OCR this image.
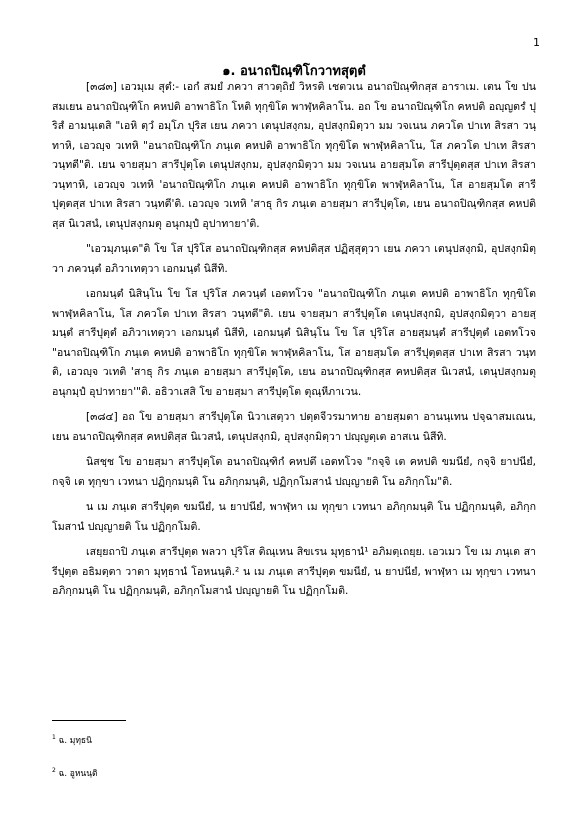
1
๑. อนาถปิณฺฑิโกวาทสุตฺตํ

[๓๘๓] เอวมฺเม สุตํ:- เอกํ สมยํ ภควา สาวตฺถิยํ วิหรติ เชตวเน อนาถปิณฺฑิกสฺส อาราเม. เตน โข ปน สมเยน อนาถปิณฺฑิโก คหปติ อาพาธิโก โหติ ทุกฺขิโต พาฬฺหคิลาโน. อถ โข อนาถปิณฺฑิโก คหปติ อญฺญตรํ ปุริสํ อามนฺเตสิ "เอหิ ตฺวํ อมฺโภ ปุริส เยน ภควา เตนุปสงฺกม, อุปสงฺกมิตฺวา มม วจเนน ภควโต ปาเท สิรสา วนฺทาหิ, เอวญฺจ วเทหิ "อนาถปิณฺฑิโก ภนฺเต คหปติ อาพาธิโก ทุกฺขิโต พาฬฺหคิลาโน, โส ภควโต ปาเท สิรสา วนฺทตี"ติ. เยน จายสฺมา สารีปุตฺโต เตนุปสงฺกม, อุปสงฺกมิตฺวา มม วจเนน อายสฺมโต สารีปุตฺตสฺส ปาเท สิรสา วนฺทาหิ, เอวญฺจ วเทหิ 'อนาถปิณฺฑิโก ภนฺเต คหปติ อาพาธิโก ทุกฺขิโต พาฬฺหคิลาโน, โส อายสฺมโต สารีปุตฺตสฺส ปาเท สิรสา วนฺทตี'ติ. เอวญฺจ วเทหิ 'สาธุ กิร ภนฺเต อายสฺมา สารีปุตฺโต, เยน อนาถปิณฺฑิกสฺส คหปติสฺส นิเวสนํ, เตนุปสงฺกมตุ อนุกมฺปํ อุปาทายา'ติ.

"เอวมฺภนฺเต"ติ โข โส ปุริโส อนาถปิณฺฑิกสฺส คหปติสฺส ปฏิสฺสุตฺวา เยน ภควา เตนุปสงฺกมิ, อุปสงฺกมิตฺวา ภควนฺตํ อภิวาเทตฺวา เอกมนฺตํ นิสีทิ.

เอกมนฺตํ นิสินฺโน โข โส ปุริโส ภควนฺตํ เอตทโวจ "อนาถปิณฺฑิโก ภนฺเต คหปติ อาพาธิโก ทุกฺขิโต พาฬฺหคิลาโน, โส ภควโต ปาเท สิรสา วนฺทตี"ติ. เยน จายสฺมา สารีปุตฺโต เตนุปสงฺกมิ, อุปสงฺกมิตฺวา อายสฺมนฺตํ สารีปุตฺตํ อภิวาเทตฺวา เอกมนฺตํ นิสีทิ, เอกมนฺตํ นิสินฺโน โข โส ปุริโส อายสฺมนฺตํ สารีปุตฺตํ เอตทโวจ "อนาถปิณฺฑิโก ภนฺเต คหปติ อาพาธิโก ทุกฺขิโต พาฬฺหคิลาโน, โส อายสฺมโต สารีปุตฺตสฺส ปาเท สิรสา วนฺทติ, เอวญฺจ วเทติ 'สาธุ กิร ภนฺเต อายสฺมา สารีปุตฺโต, เยน อนาถปิณฺฑิกสฺส คหปติสฺส นิเวสนํ, เตนุปสงฺกมตุ อนุกมฺปํ อุปาทายา'"ติ. อธิวาเสสิ โข อายสฺมา สารีปุตฺโต ตุณฺหีภาเวน.

[๓๘๔] อถ โข อายสฺมา สารีปุตฺโต นิวาเสตฺวา ปตฺตจีวรมาทาย อายสฺมตา อานนฺเทน ปจฺฉาสมเณน, เยน อนาถปิณฺฑิกสฺส คหปติสฺส นิเวสนํ, เตนุปสงฺกมิ, อุปสงฺกมิตฺวา ปญฺญตฺเต อาสเน นิสีทิ.

นิสชฺช โข อายสฺมา สารีปุตฺโต อนาถปิณฺฑิกํ คหปตึ เอตทโวจ "กจฺจิ เต คหปติ ขมนียํ, กจฺจิ ยาปนียํ, กจฺจิ เต ทุกฺขา เวทนา ปฏิกฺกมนฺติ โน อภิกฺกมนฺติ, ปฏิกฺกโมสานํ ปญฺญายติ โน อภิกฺกโม"ติ.

น เม ภนฺเต สารีปุตฺต ขมนียํ, น ยาปนียํ, พาฬฺหา เม ทุกฺขา เวทนา อภิกฺกมนฺติ โน ปฏิกฺกมนฺติ, อภิกฺกโมสานํ ปญฺญายติ โน ปฏิกฺกโมติ.

เสยฺยถาปิ ภนฺเต สารีปุตฺต พลวา ปุริโส ติณฺเหน สิขเรน มุทฺธานํ¹ อภิมตฺเถยฺย. เอวเมว โข เม ภนฺเต สารีปุตฺต อธิมตฺตา วาตา มุทฺธานํ โอหนนฺติ.² น เม ภนฺเต สารีปุตฺต ขมนียํ, น ยาปนียํ, พาฬฺหา เม ทุกฺขา เวทนา อภิกฺกมนฺติ โน ปฏิกฺกมนฺติ, อภิกฺกโมสานํ ปญฺญายติ โน ปฏิกฺกโมติ.

$^1$ ฉ. มุทฺธนิ
$^2$ ฉ. อูหนนฺติ
